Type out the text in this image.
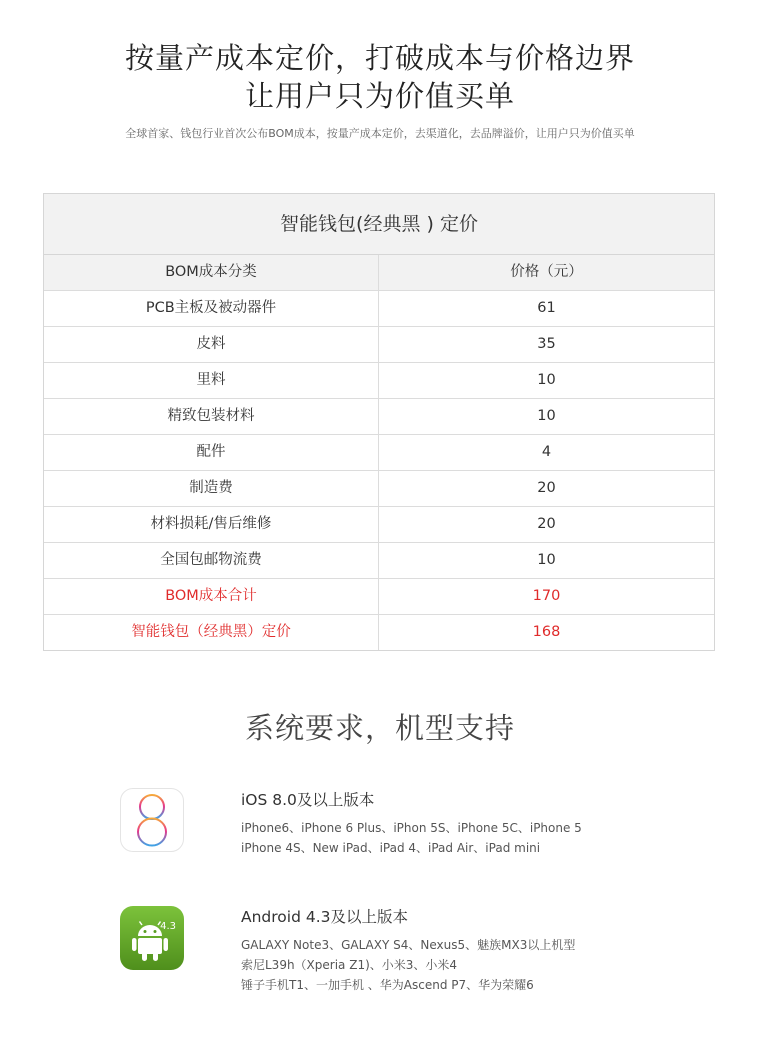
按量产成本定价，打破成本与价格边界
让用户只为价值买单
全球首家、钱包行业首次公布BOM成本，按量产成本定价，去渠道化，去品牌溢价，让用户只为价值买单
智能钱包(经典黑 ) 定价
BOM成本分类	价格（元）
PCB主板及被动器件	61
皮料	35
里料	10
精致包装材料	10
配件	4
制造费	20
材料损耗/售后维修	20
全国包邮物流费	10
BOM成本合计	170
智能钱包（经典黑）定价	168
系统要求，机型支持
iOS 8.0及以上版本
iPhone6、iPhone 6 Plus、iPhon 5S、iPhone 5C、iPhone 5
iPhone 4S、New iPad、iPad 4、iPad Air、iPad mini
4.3
Android 4.3及以上版本
GALAXY Note3、GALAXY S4、Nexus5、魅族MX3以上机型
索尼L39h（Xperia Z1)、小米3、小米4
锤子手机T1、一加手机 、华为Ascend P7、华为荣耀6
